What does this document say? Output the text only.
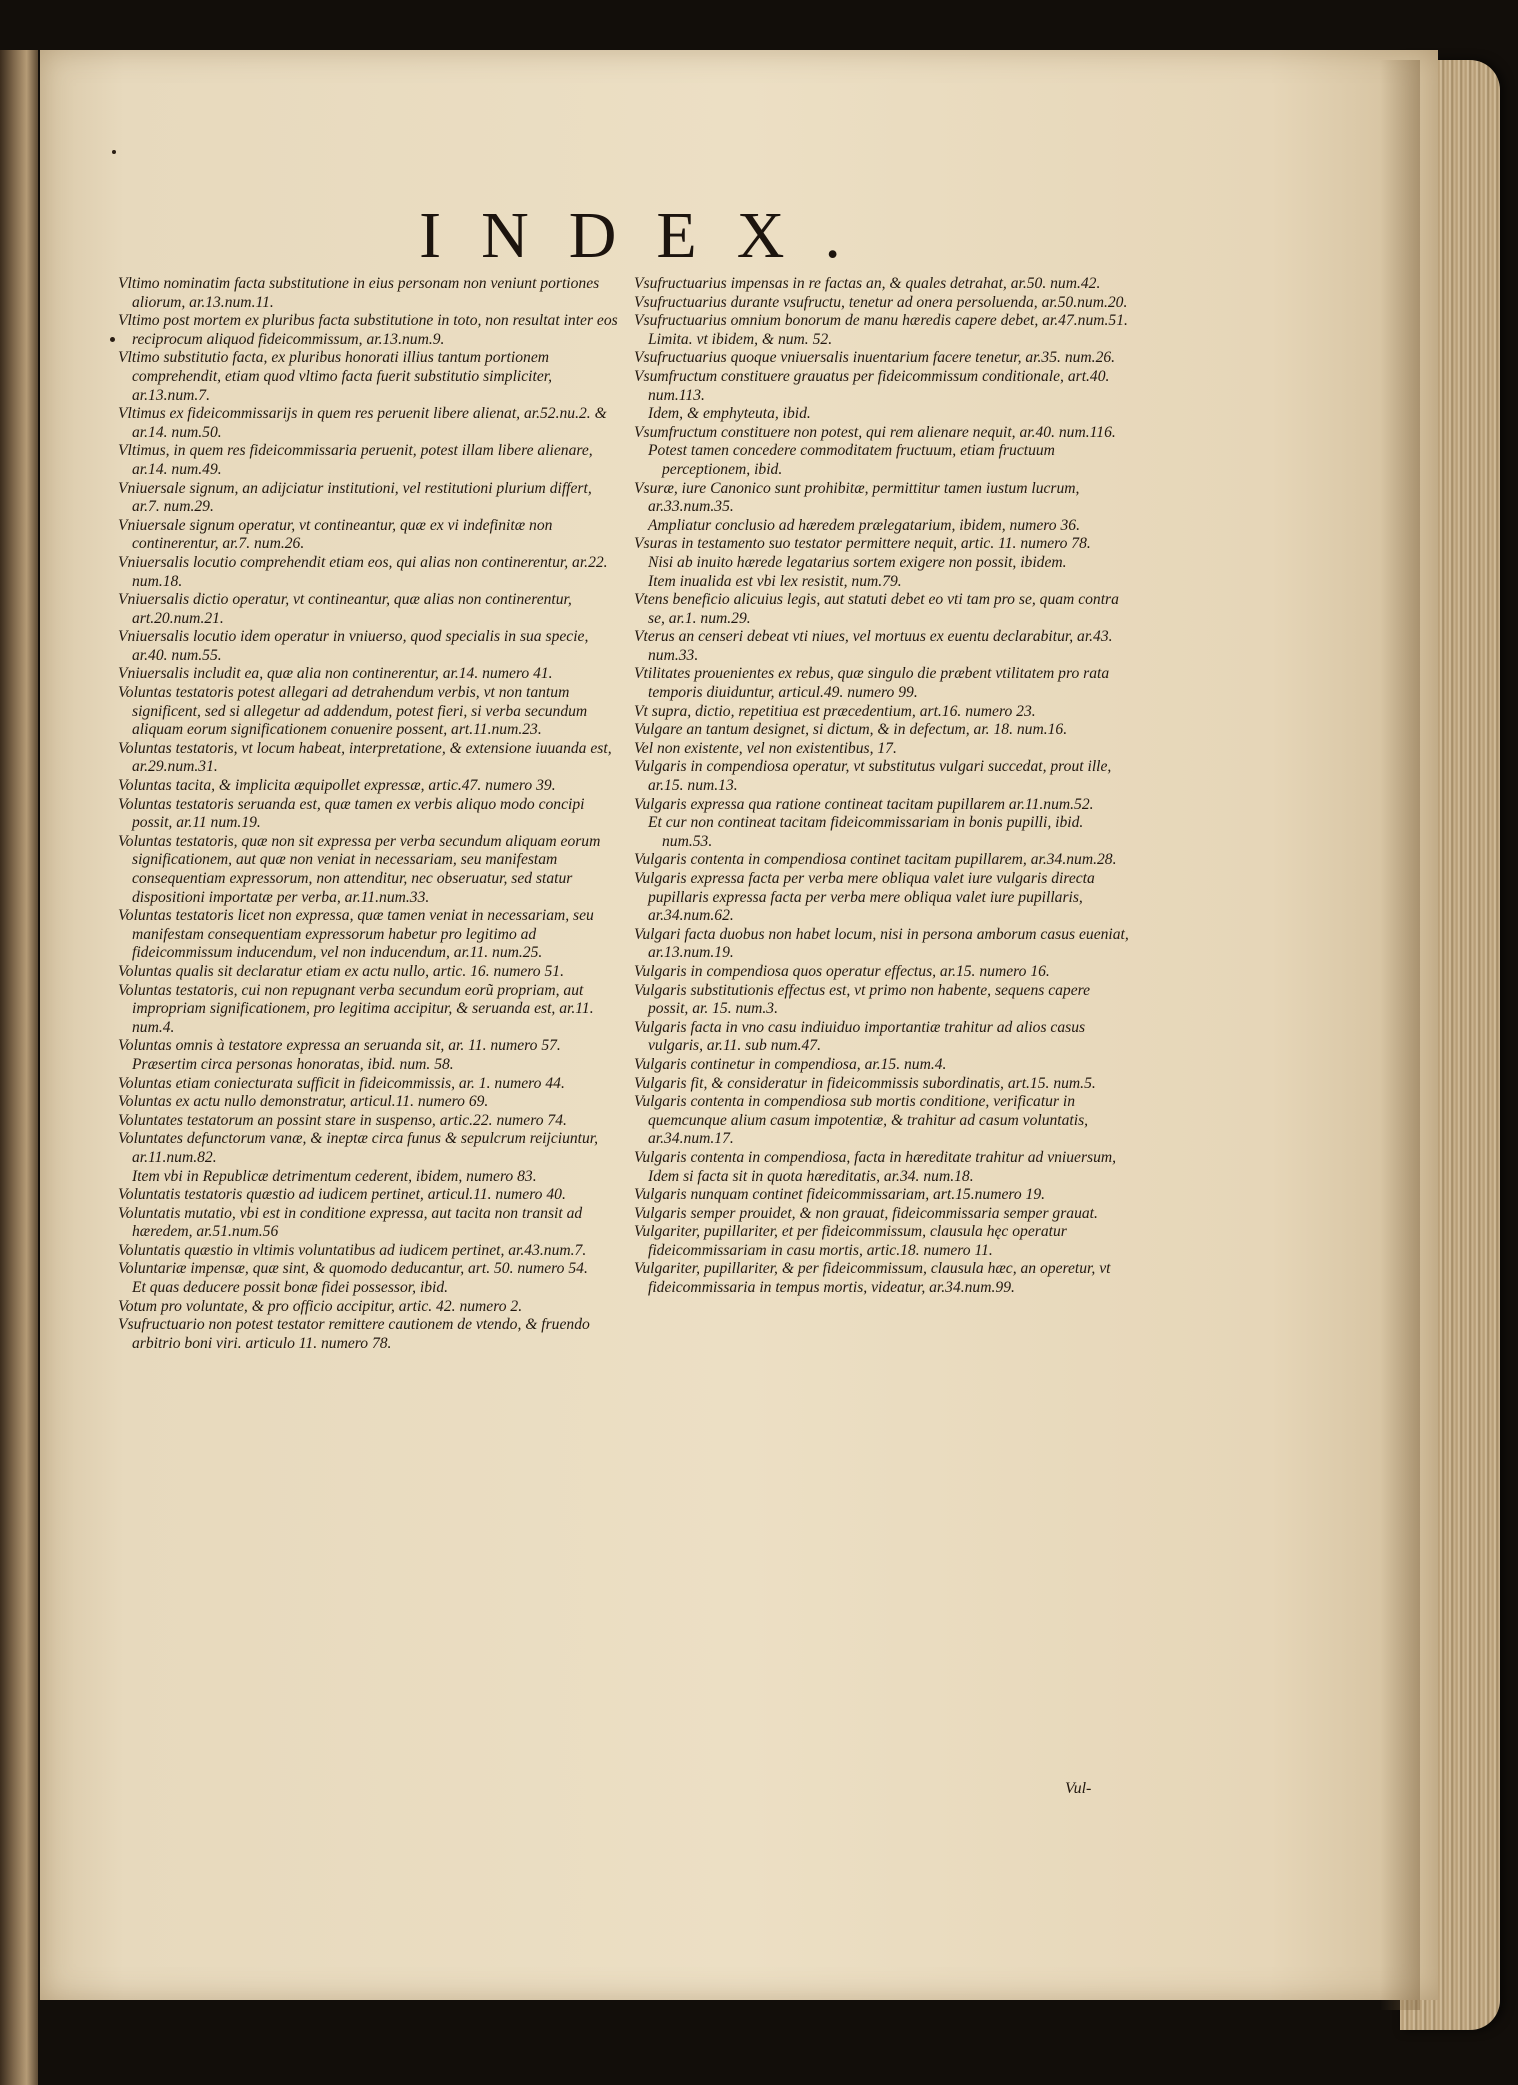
INDEX.

Vltimo nominatim facta substitutione in eius personam non veniunt portiones aliorum, ar.13.num.11.

Vltimo post mortem ex pluribus facta substitutione in toto, non resultat inter eos reciprocum aliquod fideicommissum, ar.13.num.9.

Vltimo substitutio facta, ex pluribus honorati illius tantum portionem comprehendit, etiam quod vltimo facta fuerit substitutio simpliciter, ar.13.num.7.

Vltimus ex fideicommissarijs in quem res peruenit libere alienat, ar.52.nu.2. & ar.14. num.50.

Vltimus, in quem res fideicommissaria peruenit, potest illam libere alienare, ar.14. num.49.

Vniuersale signum, an adijciatur institutioni, vel restitutioni plurium differt, ar.7. num.29.

Vniuersale signum operatur, vt contineantur, quæ ex vi indefinitæ non continerentur, ar.7. num.26.

Vniuersalis locutio comprehendit etiam eos, qui alias non continerentur, ar.22. num.18.

Vniuersalis dictio operatur, vt contineantur, quæ alias non continerentur, art.20.num.21.

Vniuersalis locutio idem operatur in vniuerso, quod specialis in sua specie, ar.40. num.55.

Vniuersalis includit ea, quæ alia non continerentur, ar.14. numero 41.

Voluntas testatoris potest allegari ad detrahendum verbis, vt non tantum significent, sed si allegetur ad addendum, potest fieri, si verba secundum aliquam eorum significationem conuenire possent, art.11.num.23.

Voluntas testatoris, vt locum habeat, interpretatione, & extensione iuuanda est, ar.29.num.31.

Voluntas tacita, & implicita æquipollet expressæ, artic.47. numero 39.

Voluntas testatoris seruanda est, quæ tamen ex verbis aliquo modo concipi possit, ar.11 num.19.

Voluntas testatoris, quæ non sit expressa per verba secundum aliquam eorum significationem, aut quæ non veniat in necessariam, seu manifestam consequentiam expressorum, non attenditur, nec obseruatur, sed statur dispositioni importatæ per verba, ar.11.num.33.

Voluntas testatoris licet non expressa, quæ tamen veniat in necessariam, seu manifestam consequentiam expressorum habetur pro legitimo ad fideicommissum inducendum, vel non inducendum, ar.11. num.25.

Voluntas qualis sit declaratur etiam ex actu nullo, artic. 16. numero 51.

Voluntas testatoris, cui non repugnant verba secundum eorũ propriam, aut impropriam significationem, pro legitima accipitur, & seruanda est, ar.11. num.4.

Voluntas omnis à testatore expressa an seruanda sit, ar. 11. numero 57.

Præsertim circa personas honoratas, ibid. num. 58.

Voluntas etiam coniecturata sufficit in fideicommissis, ar. 1. numero 44.

Voluntas ex actu nullo demonstratur, articul.11. numero 69.

Voluntates testatorum an possint stare in suspenso, artic.22. numero 74.

Voluntates defunctorum vanæ, & ineptæ circa funus & sepulcrum reijciuntur, ar.11.num.82.

Item vbi in Republicæ detrimentum cederent, ibidem, numero 83.

Voluntatis testatoris quæstio ad iudicem pertinet, articul.11. numero 40.

Voluntatis mutatio, vbi est in conditione expressa, aut tacita non transit ad hæredem, ar.51.num.56

Voluntatis quæstio in vltimis voluntatibus ad iudicem pertinet, ar.43.num.7.

Voluntariæ impensæ, quæ sint, & quomodo deducantur, art. 50. numero 54.

Et quas deducere possit bonæ fidei possessor, ibid.

Votum pro voluntate, & pro officio accipitur, artic. 42. numero 2.

Vsufructuario non potest testator remittere cautionem de vtendo, & fruendo arbitrio boni viri. articulo 11. numero 78.

Vsufructuarius impensas in re factas an, & quales detrahat, ar.50. num.42.

Vsufructuarius durante vsufructu, tenetur ad onera persoluenda, ar.50.num.20.

Vsufructuarius omnium bonorum de manu hæredis capere debet, ar.47.num.51.

Limita. vt ibidem, & num. 52.

Vsufructuarius quoque vniuersalis inuentarium facere tenetur, ar.35. num.26.

Vsumfructum constituere grauatus per fideicommissum conditionale, art.40. num.113.

Idem, & emphyteuta, ibid.

Vsumfructum constituere non potest, qui rem alienare nequit, ar.40. num.116.

Potest tamen concedere commoditatem fructuum, etiam fructuum perceptionem, ibid.

Vsuræ, iure Canonico sunt prohibitæ, permittitur tamen iustum lucrum, ar.33.num.35.

Ampliatur conclusio ad hæredem prælegatarium, ibidem, numero 36.

Vsuras in testamento suo testator permittere nequit, artic. 11. numero 78.

Nisi ab inuito hærede legatarius sortem exigere non possit, ibidem.

Item inualida est vbi lex resistit, num.79.

Vtens beneficio alicuius legis, aut statuti debet eo vti tam pro se, quam contra se, ar.1. num.29.

Vterus an censeri debeat vti niues, vel mortuus ex euentu declarabitur, ar.43. num.33.

Vtilitates prouenientes ex rebus, quæ singulo die præbent vtilitatem pro rata temporis diuiduntur, articul.49. numero 99.

Vt supra, dictio, repetitiua est præcedentium, art.16. numero 23.

Vulgare an tantum designet, si dictum, & in defectum, ar. 18. num.16.

Vel non existente, vel non existentibus, 17.

Vulgaris in compendiosa operatur, vt substitutus vulgari succedat, prout ille, ar.15. num.13.

Vulgaris expressa qua ratione contineat tacitam pupillarem ar.11.num.52.

Et cur non contineat tacitam fideicommissariam in bonis pupilli, ibid. num.53.

Vulgaris contenta in compendiosa continet tacitam pupillarem, ar.34.num.28.

Vulgaris expressa facta per verba mere obliqua valet iure vulgaris directa pupillaris expressa facta per verba mere obliqua valet iure pupillaris, ar.34.num.62.

Vulgari facta duobus non habet locum, nisi in persona amborum casus eueniat, ar.13.num.19.

Vulgaris in compendiosa quos operatur effectus, ar.15. numero 16.

Vulgaris substitutionis effectus est, vt primo non habente, sequens capere possit, ar. 15. num.3.

Vulgaris facta in vno casu indiuiduo importantiæ trahitur ad alios casus vulgaris, ar.11. sub num.47.

Vulgaris continetur in compendiosa, ar.15. num.4.

Vulgaris fit, & consideratur in fideicommissis subordinatis, art.15. num.5.

Vulgaris contenta in compendiosa sub mortis conditione, verificatur in quemcunque alium casum impotentiæ, & trahitur ad casum voluntatis, ar.34.num.17.

Vulgaris contenta in compendiosa, facta in hæreditate trahitur ad vniuersum, Idem si facta sit in quota hæreditatis, ar.34. num.18.

Vulgaris nunquam continet fideicommissariam, art.15.numero 19.

Vulgaris semper prouidet, & non grauat, fideicommissaria semper grauat.

Vulgariter, pupillariter, et per fideicommissum, clausula hęc operatur fideicommissariam in casu mortis, artic.18. numero 11.

Vulgariter, pupillariter, & per fideicommissum, clausula hæc, an operetur, vt fideicommissaria in tempus mortis, videatur, ar.34.num.99.

Vul-
